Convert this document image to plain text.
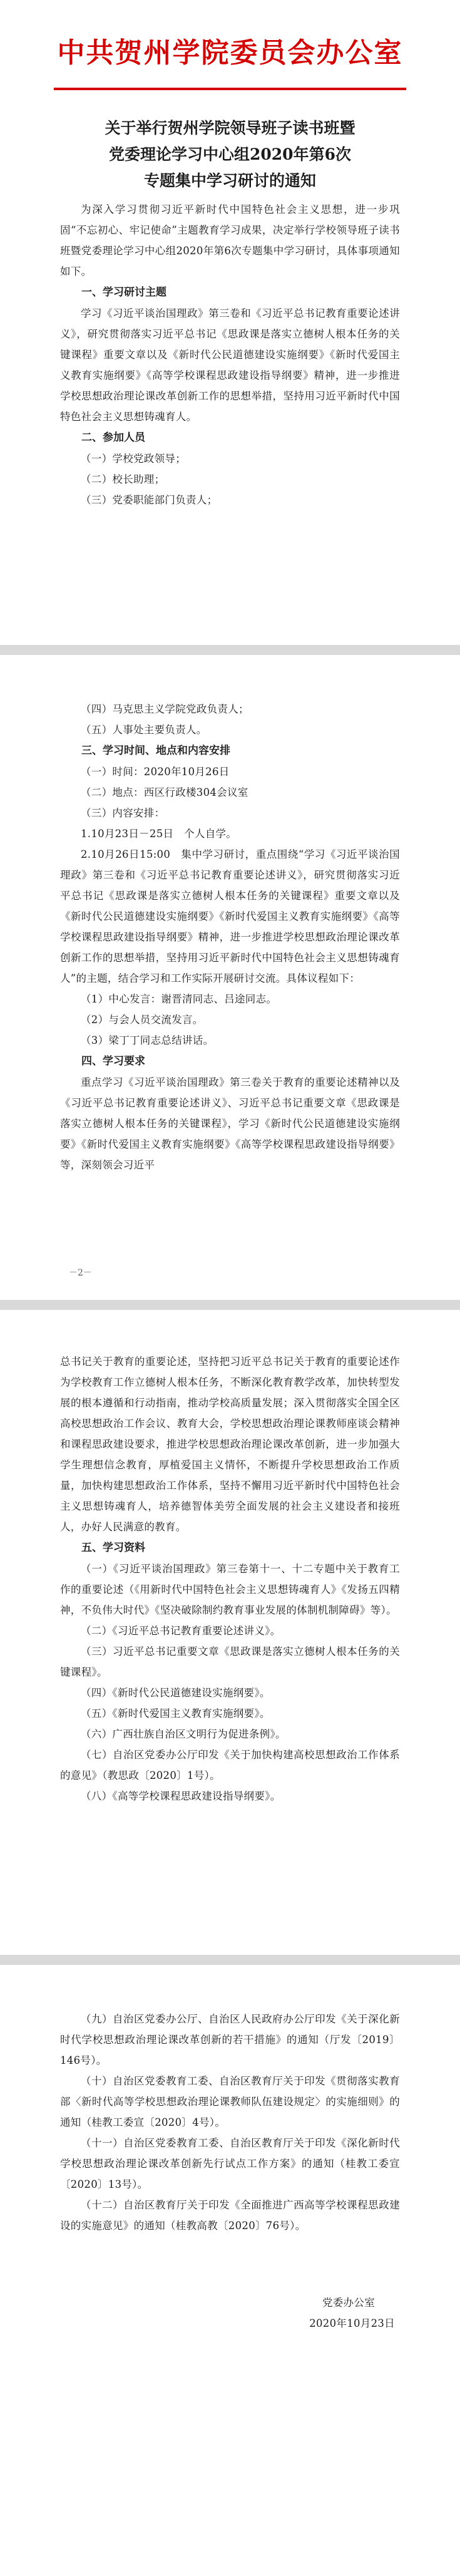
中共贺州学院委员会办公室
关于举行贺州学院领导班子读书班暨
党委理论学习中心组2020年第6次
专题集中学习研讨的通知

为深入学习贯彻习近平新时代中国特色社会主义思想，进一步巩固“不忘初心、牢记使命”主题教育学习成果，决定举行学校领导班子读书班暨党委理论学习中心组2020年第6次专题集中学习研讨，具体事项通知如下。

一、学习研讨主题

学习《习近平谈治国理政》第三卷和《习近平总书记教育重要论述讲义》，研究贯彻落实习近平总书记《思政课是落实立德树人根本任务的关键课程》重要文章以及《新时代公民道德建设实施纲要》《新时代爱国主义教育实施纲要》《高等学校课程思政建设指导纲要》精神，进一步推进学校思想政治理论课改革创新工作的思想举措，坚持用习近平新时代中国特色社会主义思想铸魂育人。

二、参加人员

（一）学校党政领导；

（二）校长助理；

（三）党委职能部门负责人；

（四）马克思主义学院党政负责人；

（五）人事处主要负责人。

三、学习时间、地点和内容安排

（一）时间：2020年10月26日

（二）地点：西区行政楼304会议室

（三）内容安排：

1.10月23日－25日　个人自学。

2.10月26日15:00　集中学习研讨，重点围绕“学习《习近平谈治国理政》第三卷和《习近平总书记教育重要论述讲义》，研究贯彻落实习近平总书记《思政课是落实立德树人根本任务的关键课程》重要文章以及《新时代公民道德建设实施纲要》《新时代爱国主义教育实施纲要》《高等学校课程思政建设指导纲要》精神，进一步推进学校思想政治理论课改革创新工作的思想举措，坚持用习近平新时代中国特色社会主义思想铸魂育人”的主题，结合学习和工作实际开展研讨交流。具体议程如下：

（1）中心发言：谢晋清同志、吕途同志。

（2）与会人员交流发言。

（3）梁丁丁同志总结讲话。

四、学习要求

重点学习《习近平谈治国理政》第三卷关于教育的重要论述精神以及《习近平总书记教育重要论述讲义》、习近平总书记重要文章《思政课是落实立德树人根本任务的关键课程》，学习《新时代公民道德建设实施纲要》《新时代爱国主义教育实施纲要》《高等学校课程思政建设指导纲要》等，深刻领会习近平

－2－

总书记关于教育的重要论述，坚持把习近平总书记关于教育的重要论述作为学校教育工作立德树人根本任务，不断深化教育教学改革，加快转型发展的根本遵循和行动指南，推动学校高质量发展；深入贯彻落实全国全区高校思想政治工作会议、教育大会，学校思想政治理论课教师座谈会精神和课程思政建设要求，推进学校思想政治理论课改革创新，进一步加强大学生理想信念教育，厚植爱国主义情怀，不断提升学校思想政治工作质量，加快构建思想政治工作体系，坚持不懈用习近平新时代中国特色社会主义思想铸魂育人，培养德智体美劳全面发展的社会主义建设者和接班人，办好人民满意的教育。

五、学习资料

（一）《习近平谈治国理政》第三卷第十一、十二专题中关于教育工作的重要论述（《用新时代中国特色社会主义思想铸魂育人》《发扬五四精神，不负伟大时代》《坚决破除制约教育事业发展的体制机制障碍》等）。

（二）《习近平总书记教育重要论述讲义》。

（三）习近平总书记重要文章《思政课是落实立德树人根本任务的关键课程》。

（四）《新时代公民道德建设实施纲要》。

（五）《新时代爱国主义教育实施纲要》。

（六）广西壮族自治区文明行为促进条例》。

（七）自治区党委办公厅印发《关于加快构建高校思想政治工作体系的意见》（教思政〔2020〕1号）。

（八）《高等学校课程思政建设指导纲要》。

（九）自治区党委办公厅、自治区人民政府办公厅印发《关于深化新时代学校思想政治理论课改革创新的若干措施》的通知（厅发〔2019〕146号）。

（十）自治区党委教育工委、自治区教育厅关于印发《贯彻落实教育部〈新时代高等学校思想政治理论课教师队伍建设规定〉的实施细则》的通知（桂教工委宣〔2020〕4号）。

（十一）自治区党委教育工委、自治区教育厅关于印发《深化新时代学校思想政治理论课改革创新先行试点工作方案》的通知（桂教工委宣〔2020〕13号）。

（十二）自治区教育厅关于印发《全面推进广西高等学校课程思政建设的实施意见》的通知（桂教高教〔2020〕76号）。

党委办公室

2020年10月23日
